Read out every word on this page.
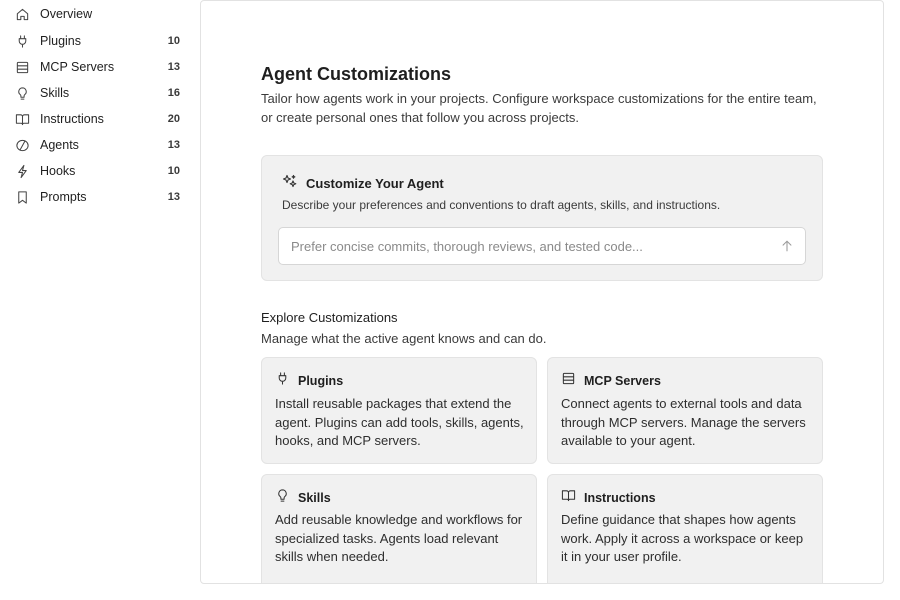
Overview
Plugins	10
MCP Servers	13
Skills	16
Instructions	20
Agents	13
Hooks	10
Prompts	13
Agent Customizations

Tailor how agents work in your projects. Configure workspace customizations for the entire team, or create personal ones that follow you across projects.

Customize Your Agent

Describe your preferences and conventions to draft agents, skills, and instructions.

Prefer concise commits, thorough reviews, and tested code...
Explore Customizations

Manage what the active agent knows and can do.

Plugins

Install reusable packages that extend the agent. Plugins can add tools, skills, agents, hooks, and MCP servers.

MCP Servers

Connect agents to external tools and data through MCP servers. Manage the servers available to your agent.

Skills

Add reusable knowledge and workflows for specialized tasks. Agents load relevant skills when needed.

Instructions

Define guidance that shapes how agents work. Apply it across a workspace or keep it in your user profile.
